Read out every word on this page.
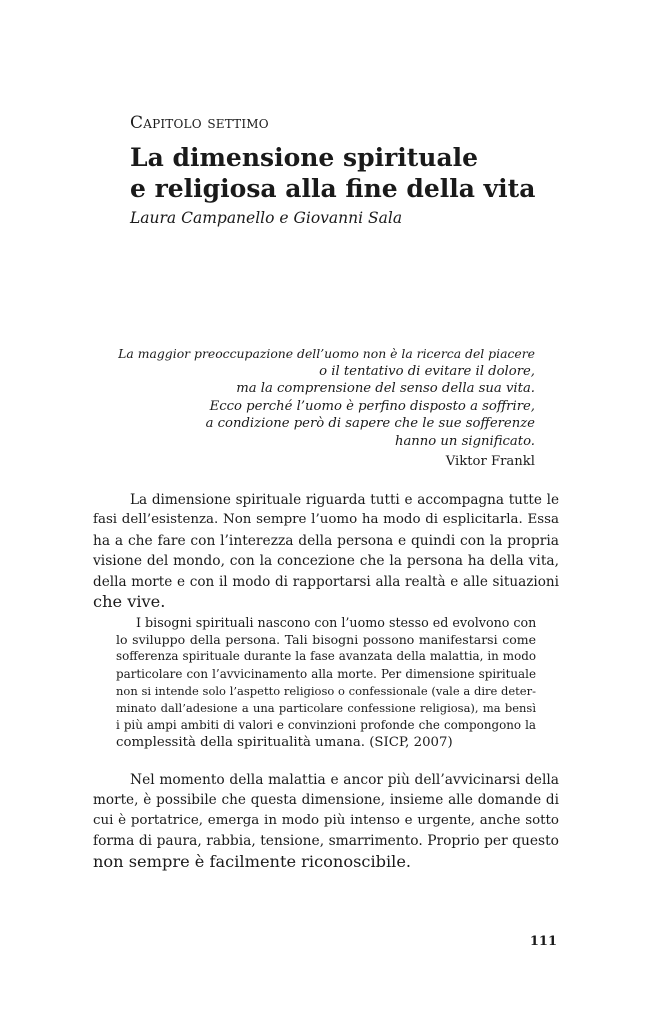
Capitolo settimo
La dimensione spirituale
e religiosa alla fine della vita
Laura Campanello e Giovanni Sala
La maggior preoccupazione dell’uomo non è la ricerca del piacere
o il tentativo di evitare il dolore,
ma la comprensione del senso della sua vita.
Ecco perché l’uomo è perfino disposto a soffrire,
a condizione però di sapere che le sue sofferenze
hanno un significato.
Viktor Frankl
La dimensione spirituale riguarda tutti e accompagna tutte le
fasi dell’esistenza. Non sempre l’uomo ha modo di esplicitarla. Essa
ha a che fare con l’interezza della persona e quindi con la propria
visione del mondo, con la concezione che la persona ha della vita,
della morte e con il modo di rapportarsi alla realtà e alle situazioni
che vive.
I bisogni spirituali nascono con l’uomo stesso ed evolvono con
lo sviluppo della persona. Tali bisogni possono manifestarsi come
sofferenza spirituale durante la fase avanzata della malattia, in modo
particolare con l’avvicinamento alla morte. Per dimensione spirituale
non si intende solo l’aspetto religioso o confessionale (vale a dire deter-
minato dall’adesione a una particolare confessione religiosa), ma bensì
i più ampi ambiti di valori e convinzioni profonde che compongono la
complessità della spiritualità umana. (SICP, 2007)
Nel momento della malattia e ancor più dell’avvicinarsi della
morte, è possibile che questa dimensione, insieme alle domande di
cui è portatrice, emerga in modo più intenso e urgente, anche sotto
forma di paura, rabbia, tensione, smarrimento. Proprio per questo
non sempre è facilmente riconoscibile.
111
